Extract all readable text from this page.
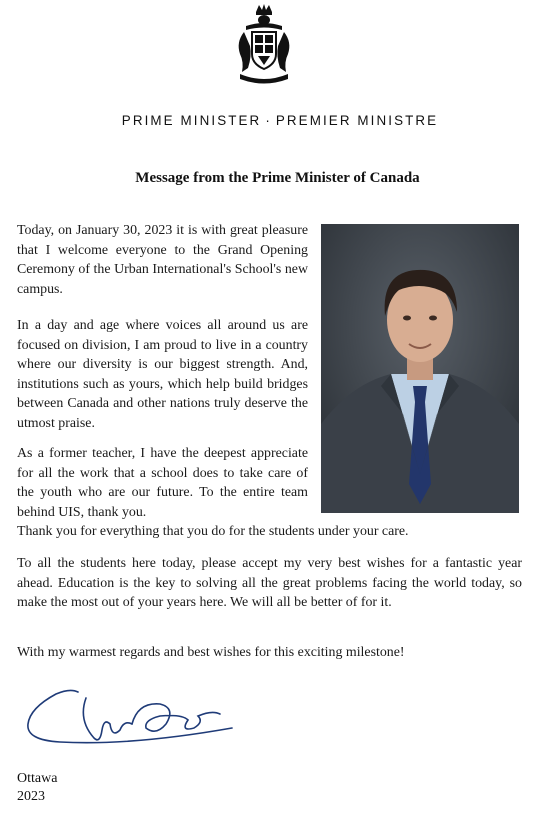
PRIME MINISTER · PREMIER MINISTRE
Message from the Prime Minister of Canada

Today, on January 30, 2023 it is with great pleasure that I welcome everyone to the Grand Opening Ceremony of the Urban International's School's new campus.

In a day and age where voices all around us are focused on division, I am proud to live in a country where our diversity is our biggest strength. And, institutions such as yours, which help build bridges between Canada and other nations truly deserve the utmost praise.

As a former teacher, I have the deepest appreciate for all the work that a school does to take care of the youth who are our future. To the entire team behind UIS, thank you.
Thank you for everything that you do for the students under your care.

To all the students here today, please accept my very best wishes for a fantastic year ahead. Education is the key to solving all the great problems facing the world today, so make the most out of your years here. We will all be better of for it.

With my warmest regards and best wishes for this exciting milestone!

Ottawa
2023
